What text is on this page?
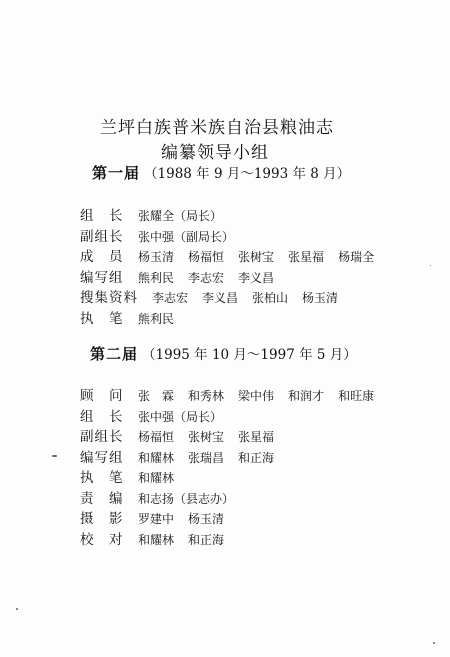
兰坪白族普米族自治县粮油志
编纂领导小组
第一届 （1988 年 9 月～1993 年 8 月）
组　长	张耀全（局长）
副组长	张中强（副局长）
成　员	杨玉清 杨福恒 张树宝 张星福 杨瑞全
编写组	熊利民 李志宏 李义昌
搜集资料	李志宏 李义昌 张柏山 杨玉清
执　笔	熊利民
第二届 （1995 年 10 月～1997 年 5 月）
顾　问	张　霖 和秀林 梁中伟 和润才 和旺康
组　长	张中强（局长）
副组长	杨福恒 张树宝 张星福
编写组	和耀林 张瑞昌 和正海
执　笔	和耀林
责　编	和志扬（县志办）
摄　影	罗建中 杨玉清
校　对	和耀林 和正海
